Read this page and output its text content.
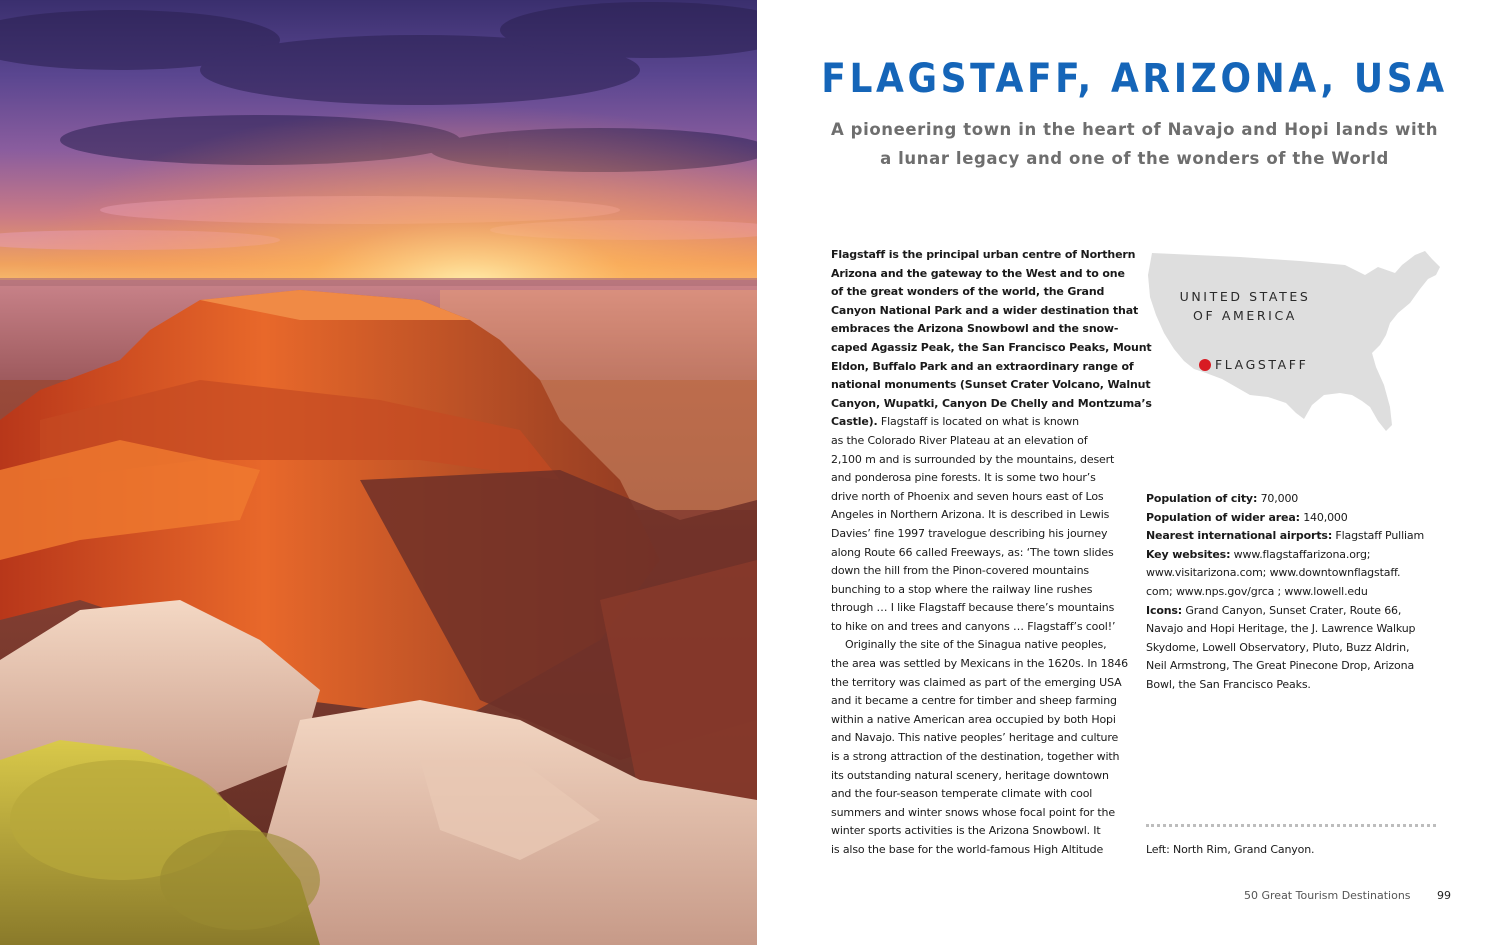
FLAGSTAFF, ARIZONA, USA
A pioneering town in the heart of Navajo and Hopi lands with
a lunar legacy and one of the wonders of the World
Flagstaff is the principal urban centre of Northern
Arizona and the gateway to the West and to one
of the great wonders of the world, the Grand
Canyon National Park and a wider destination that
embraces the Arizona Snowbowl and the snow-
caped Agassiz Peak, the San Francisco Peaks, Mount
Eldon, Buffalo Park and an extraordinary range of
national monuments (Sunset Crater Volcano, Walnut
Canyon, Wupatki, Canyon De Chelly and Montzuma’s
Castle). Flagstaff is located on what is known
as the Colorado River Plateau at an elevation of
2,100 m and is surrounded by the mountains, desert
and ponderosa pine forests. It is some two hour’s
drive north of Phoenix and seven hours east of Los
Angeles in Northern Arizona. It is described in Lewis
Davies’ fine 1997 travelogue describing his journey
along Route 66 called Freeways, as: ‘The town slides
down the hill from the Pinon-covered mountains
bunching to a stop where the railway line rushes
through … I like Flagstaff because there’s mountains
to hike on and trees and canyons … Flagstaff’s cool!’
Originally the site of the Sinagua native peoples,
the area was settled by Mexicans in the 1620s. In 1846
the territory was claimed as part of the emerging USA
and it became a centre for timber and sheep farming
within a native American area occupied by both Hopi
and Navajo. This native peoples’ heritage and culture
is a strong attraction of the destination, together with
its outstanding natural scenery, heritage downtown
and the four-season temperate climate with cool
summers and winter snows whose focal point for the
winter sports activities is the Arizona Snowbowl. It
is also the base for the world-famous High Altitude
UNITED STATES
OF AMERICA
FLAGSTAFF
Population of city: 70,000
Population of wider area: 140,000
Nearest international airports: Flagstaff Pulliam
Key websites: www.flagstaffarizona.org;
www.visitarizona.com; www.downtownflagstaff.
com; www.nps.gov/grca ; www.lowell.edu
Icons: Grand Canyon, Sunset Crater, Route 66,
Navajo and Hopi Heritage, the J. Lawrence Walkup
Skydome, Lowell Observatory, Pluto, Buzz Aldrin,
Neil Armstrong, The Great Pinecone Drop, Arizona
Bowl, the San Francisco Peaks.
Left: North Rim, Grand Canyon.
50 Great Tourism Destinations 99
